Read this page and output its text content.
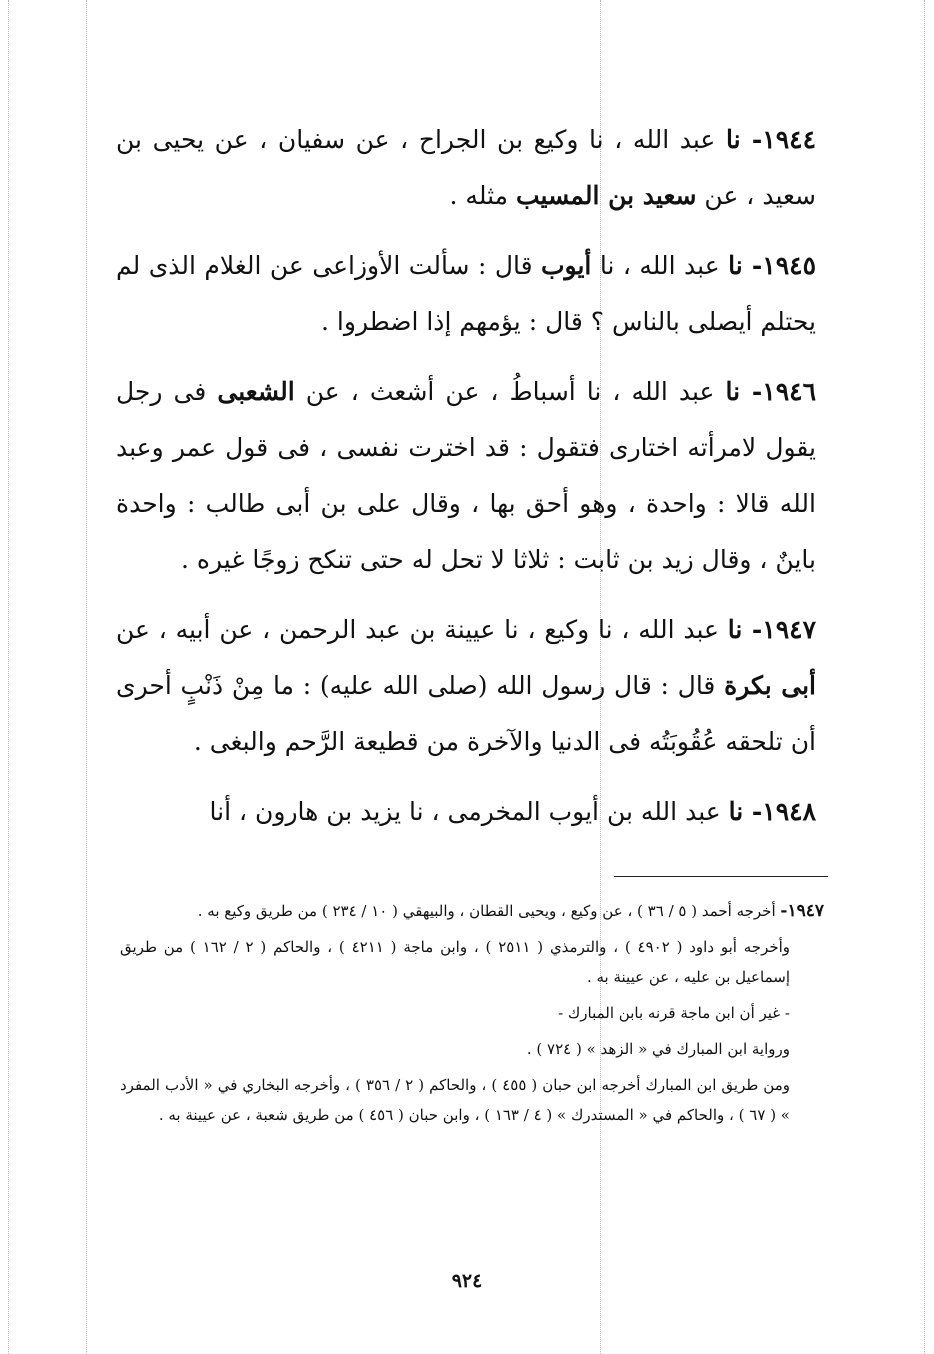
١٩٤٤- نا عبد الله ، نا وكيع بن الجراح ، عن سفيان ، عن يحيى بن سعيد ، عن سعيد بن المسيب مثله .

١٩٤٥- نا عبد الله ، نا أيوب قال : سألت الأوزاعى عن الغلام الذى لم يحتلم أيصلى بالناس ؟ قال : يؤمهم إذا اضطروا .

١٩٤٦- نا عبد الله ، نا أسباطُ ، عن أشعث ، عن الشعبى فى رجل يقول لامرأته اختارى فتقول : قد اخترت نفسى ، فى قول عمر وعبد الله قالا : واحدة ، وهو أحق بها ، وقال على بن أبى طالب : واحدة باينٌ ، وقال زيد بن ثابت : ثلاثا لا تحل له حتى تنكح زوجًا غيره .

١٩٤٧- نا عبد الله ، نا وكيع ، نا عيينة بن عبد الرحمن ، عن أبيه ، عن أبى بكرة قال : قال رسول الله (صلى الله عليه) : ما مِنْ ذَنْبٍ أحرى أن تلحقه عُقُوبَتُه فى الدنيا والآخرة من قطيعة الرَّحم والبغى .

١٩٤٨- نا عبد الله بن أيوب المخرمى ، نا يزيد بن هارون ، أنا

١٩٤٧- أخرجه أحمد ( ٥ / ٣٦ ) ، عن وكيع ، ويحيى القطان ، والبيهقي ( ١٠ / ٢٣٤ ) من طريق وكيع به .

وأخرجه أبو داود ( ٤٩٠٢ ) ، والترمذي ( ٢٥١١ ) ، وابن ماجة ( ٤٢١١ ) ، والحاكم ( ٢ / ١٦٢ ) من طريق إسماعيل بن عليه ، عن عيينة به .

- غير أن ابن ماجة قرنه بابن المبارك -

ورواية ابن المبارك في « الزهد » ( ٧٢٤ ) .

ومن طريق ابن المبارك أخرجه ابن حبان ( ٤٥٥ ) ، والحاكم ( ٢ / ٣٥٦ ) ، وأخرجه البخاري في « الأدب المفرد » ( ٦٧ ) ، والحاكم في « المستدرك » ( ٤ / ١٦٣ ) ، وابن حبان ( ٤٥٦ ) من طريق شعبة ، عن عيينة به .

٩٢٤
